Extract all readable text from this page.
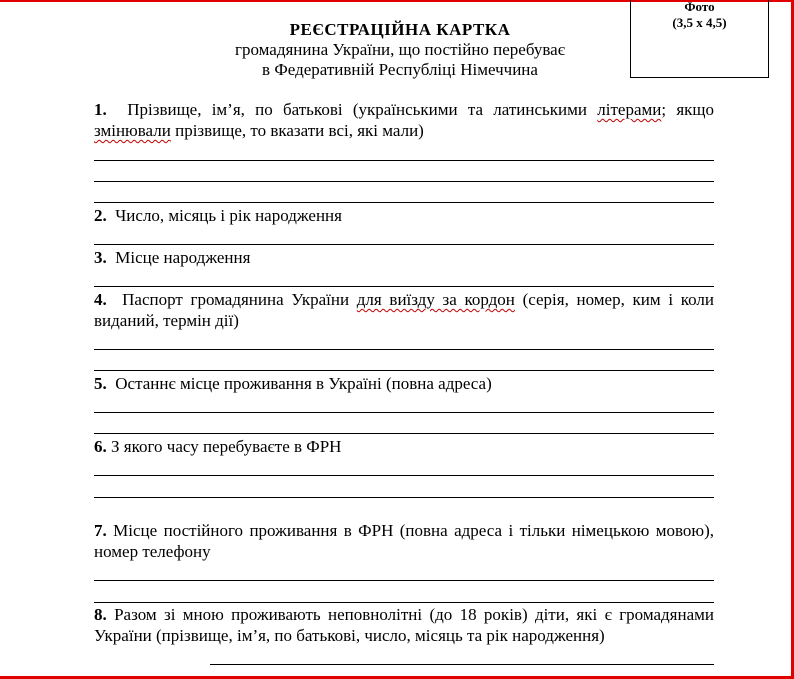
Фото
(3,5 х 4,5)
РЕЄСТРАЦІЙНА КАРТКА
громадянина України, що постійно перебуває
в Федеративній Республіці Німеччина
1. Прізвище, ім’я, по батькові (українськими та латинськими літерами; якщо змінювали прізвище, то вказати всі, які мали)
2. Число, місяць і рік народження
3. Місце народження
4. Паспорт громадянина України для виїзду за кордон (серія, номер, ким і коли виданий, термін дії)
5. Останнє місце проживання в Україні (повна адреса)
6. З якого часу перебуваєте в ФРН
7. Місце постійного проживання в ФРН (повна адреса і тільки німецькою мовою), номер телефону
8. Разом зі мною проживають неповнолітні (до 18 років) діти, які є громадянами України (прізвище, ім’я, по батькові, число, місяць та рік народження)
